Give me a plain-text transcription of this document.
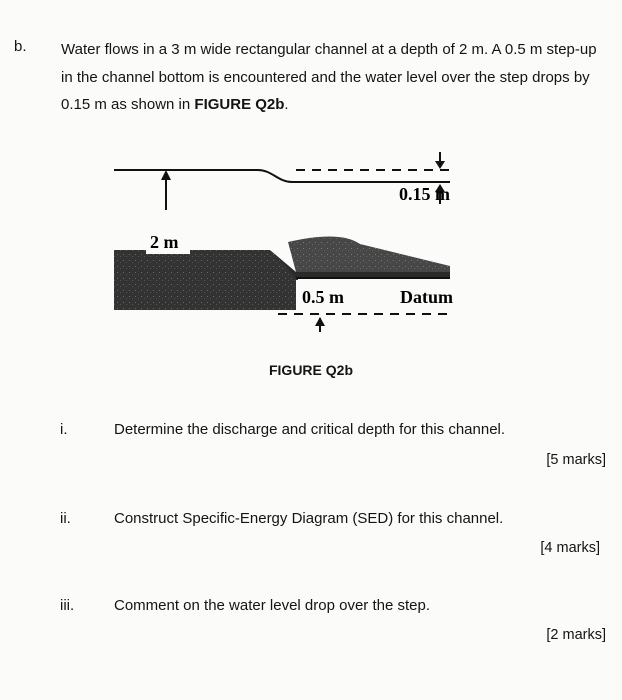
b. Water flows in a 3 m wide rectangular channel at a depth of 2 m. A 0.5 m step-up in the channel bottom is encountered and the water level over the step drops by 0.15 m as shown in FIGURE Q2b.
2 m
0.15 m
0.5 m	Datum
FIGURE Q2b
i.	Determine the discharge and critical depth for this channel.
[5 marks]
ii.	Construct Specific-Energy Diagram (SED) for this channel.
[4 marks]
iii.	Comment on the water level drop over the step.
[2 marks]
